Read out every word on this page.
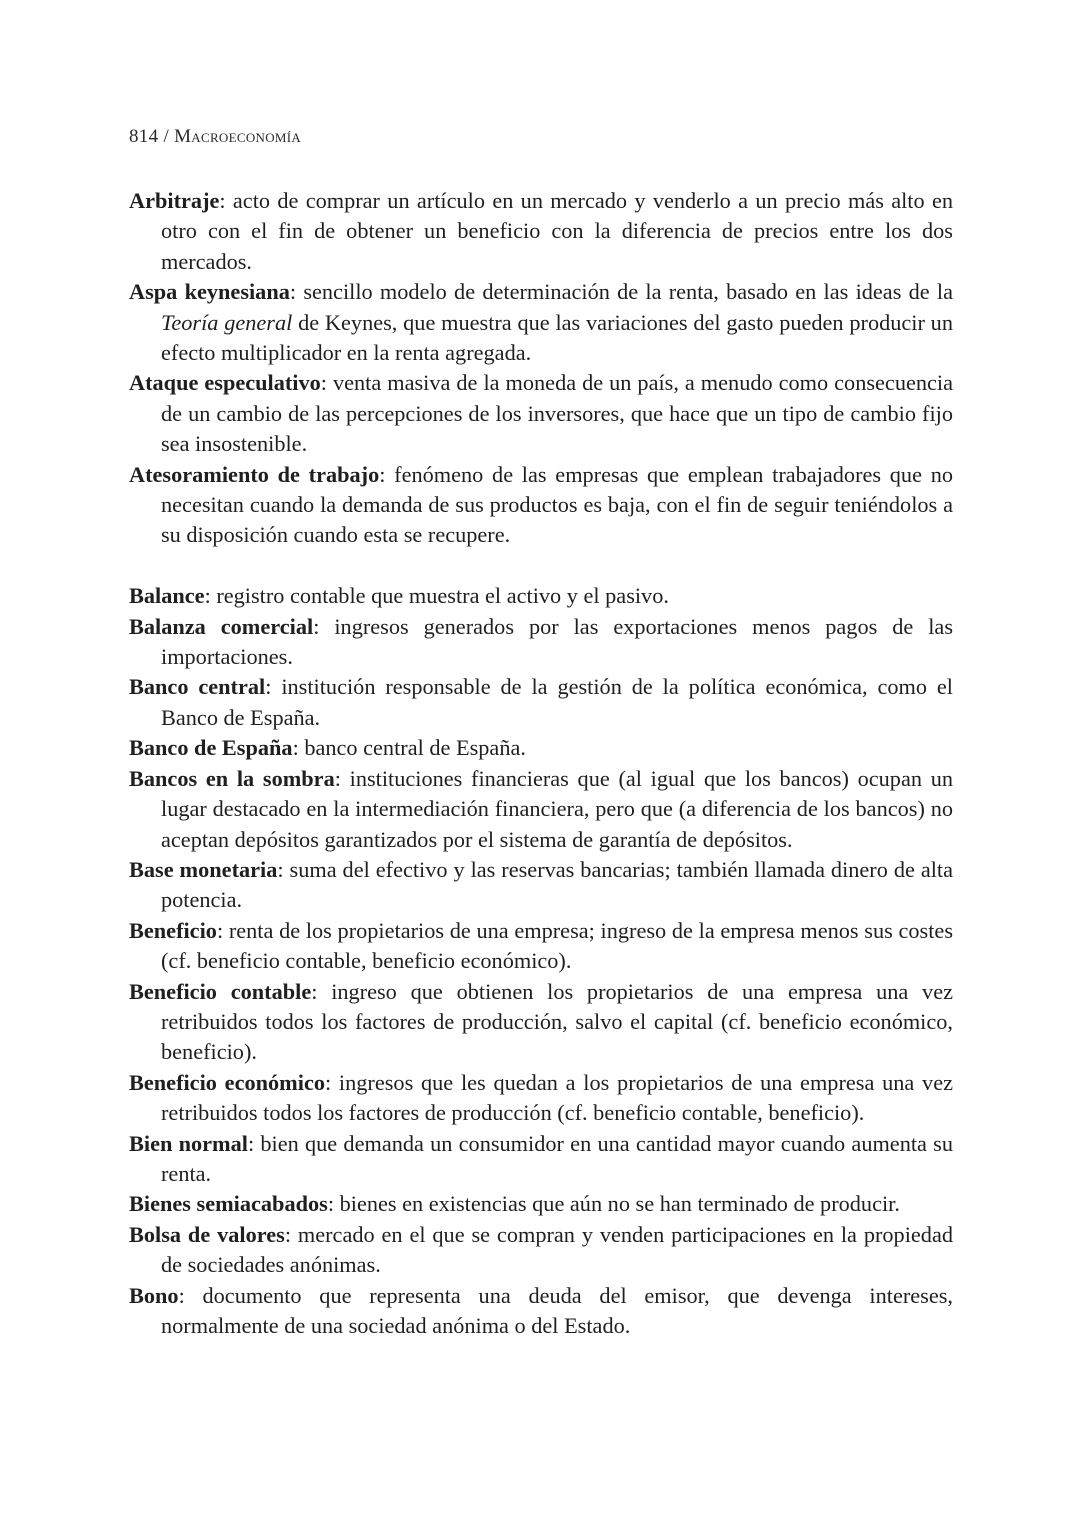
814 / Macroeconomía

Arbitraje: acto de comprar un artículo en un mercado y venderlo a un precio más alto en otro con el fin de obtener un beneficio con la diferencia de precios entre los dos mercados.

Aspa keynesiana: sencillo modelo de determinación de la renta, basado en las ideas de la Teoría general de Keynes, que muestra que las variaciones del gasto pueden producir un efecto multiplicador en la renta agregada.

Ataque especulativo: venta masiva de la moneda de un país, a menudo como consecuencia de un cambio de las percepciones de los inversores, que hace que un tipo de cambio fijo sea insostenible.

Atesoramiento de trabajo: fenómeno de las empresas que emplean trabajadores que no necesitan cuando la demanda de sus productos es baja, con el fin de seguir teniéndolos a su disposición cuando esta se recupere.

Balance: registro contable que muestra el activo y el pasivo.

Balanza comercial: ingresos generados por las exportaciones menos pagos de las importaciones.

Banco central: institución responsable de la gestión de la política económica, como el Banco de España.

Banco de España: banco central de España.

Bancos en la sombra: instituciones financieras que (al igual que los bancos) ocupan un lugar destacado en la intermediación financiera, pero que (a diferencia de los bancos) no aceptan depósitos garantizados por el sistema de garantía de depósitos.

Base monetaria: suma del efectivo y las reservas bancarias; también llamada dinero de alta potencia.

Beneficio: renta de los propietarios de una empresa; ingreso de la empresa menos sus costes (cf. beneficio contable, beneficio económico).

Beneficio contable: ingreso que obtienen los propietarios de una empresa una vez retribuidos todos los factores de producción, salvo el capital (cf. beneficio económico, beneficio).

Beneficio económico: ingresos que les quedan a los propietarios de una empresa una vez retribuidos todos los factores de producción (cf. beneficio contable, beneficio).

Bien normal: bien que demanda un consumidor en una cantidad mayor cuando aumenta su renta.

Bienes semiacabados: bienes en existencias que aún no se han terminado de producir.

Bolsa de valores: mercado en el que se compran y venden participaciones en la propiedad de sociedades anónimas.

Bono: documento que representa una deuda del emisor, que devenga intereses, normalmente de una sociedad anónima o del Estado.
